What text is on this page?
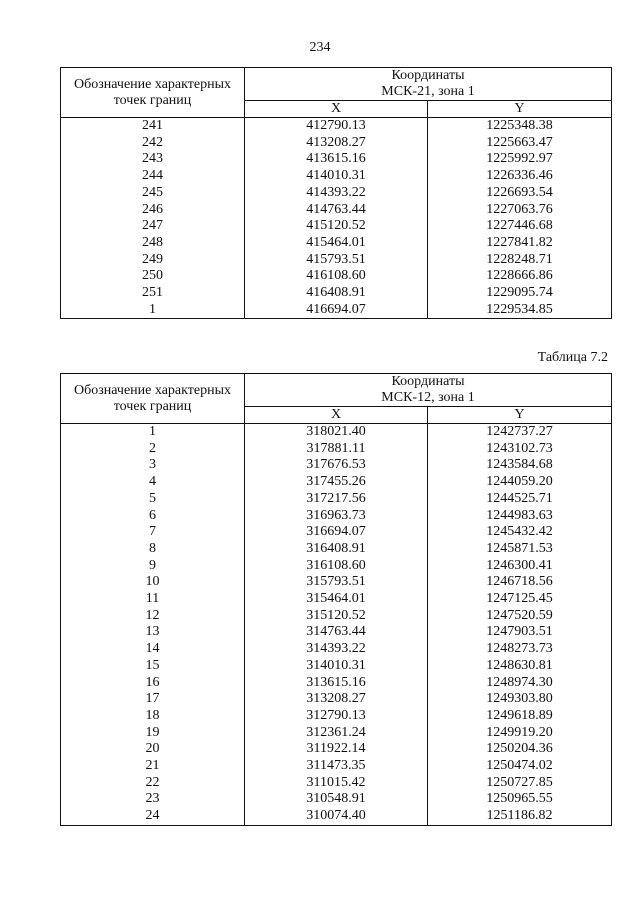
234
Обозначение характерных точек границ	Координаты
МСК-21, зона 1	

	X	Y
241	412790.13	1225348.38
242	413208.27	1225663.47
243	413615.16	1225992.97
244	414010.31	1226336.46
245	414393.22	1226693.54
246	414763.44	1227063.76
247	415120.52	1227446.68
248	415464.01	1227841.82
249	415793.51	1228248.71
250	416108.60	1228666.86
251	416408.91	1229095.74
1	416694.07	1229534.85
Таблица 7.2
Обозначение характерных точек границ	Координаты
МСК-12, зона 1	

	X	Y
1	318021.40	1242737.27
2	317881.11	1243102.73
3	317676.53	1243584.68
4	317455.26	1244059.20
5	317217.56	1244525.71
6	316963.73	1244983.63
7	316694.07	1245432.42
8	316408.91	1245871.53
9	316108.60	1246300.41
10	315793.51	1246718.56
11	315464.01	1247125.45
12	315120.52	1247520.59
13	314763.44	1247903.51
14	314393.22	1248273.73
15	314010.31	1248630.81
16	313615.16	1248974.30
17	313208.27	1249303.80
18	312790.13	1249618.89
19	312361.24	1249919.20
20	311922.14	1250204.36
21	311473.35	1250474.02
22	311015.42	1250727.85
23	310548.91	1250965.55
24	310074.40	1251186.82
